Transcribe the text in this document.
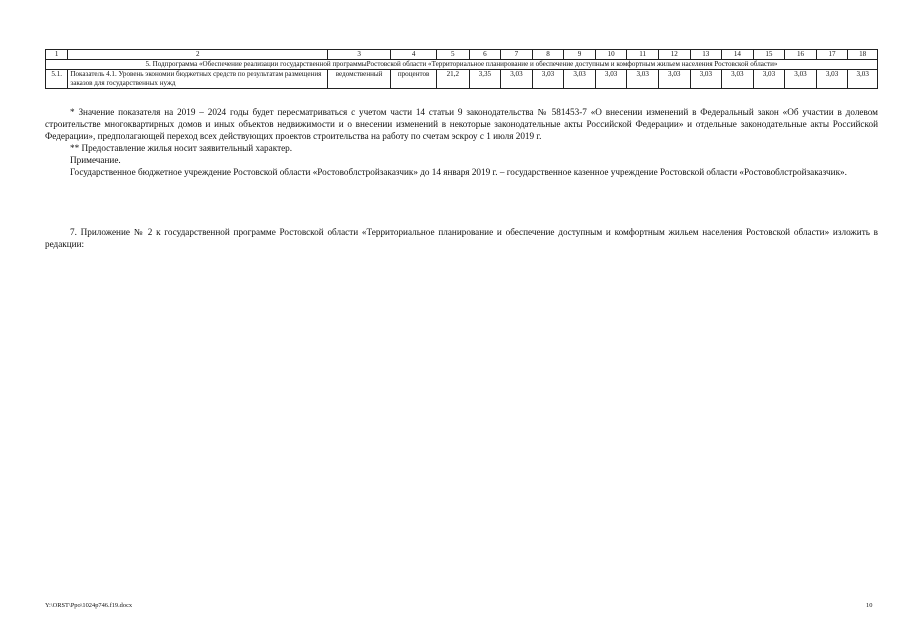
1	2	3	4	5	6	7	8	9	10	11	12	13	14	15	16	17	18
5. Подпрограмма «Обеспечение реализации государственной программыРостовской области «Территориальное планирование и обеспечение доступным и комфортным жильем населения Ростовской области»																	
5.1.	Показатель 4.1. Уровень экономии бюджетных средств по результатам размещения заказов для государственных нужд	ведомственный	процентов	21,2	3,35	3,03	3,03	3,03	3,03	3,03	3,03	3,03	3,03	3,03	3,03	3,03	3,03

* Значение показателя на 2019 – 2024 годы будет пересматриваться с учетом части 14 статьи 9 законодательства № 581453-7 «О внесении изменений в Федеральный закон «Об участии в долевом строительстве многоквартирных домов и иных объектов недвижимости и о внесении изменений в некоторые законодательные акты Российской Федерации» и отдельные законодательные акты Российской Федерации», предполагающей переход всех действующих проектов строительства на работу по счетам эскроу с 1 июля 2019 г.

** Предоставление жилья носит заявительный характер.

Примечание.

Государственное бюджетное учреждение Ростовской области «Ростовоблстройзаказчик» до 14 января 2019 г. – государственное казенное учреждение Ростовской области «Ростовоблстройзаказчик».

7. Приложение № 2 к государственной программе Ростовской области «Территориальное планирование и обеспечение доступным и комфортным жильем населения Ростовской области» изложить в редакции:

Y:\ORST\Ppo\1024p746.f19.docx	10
